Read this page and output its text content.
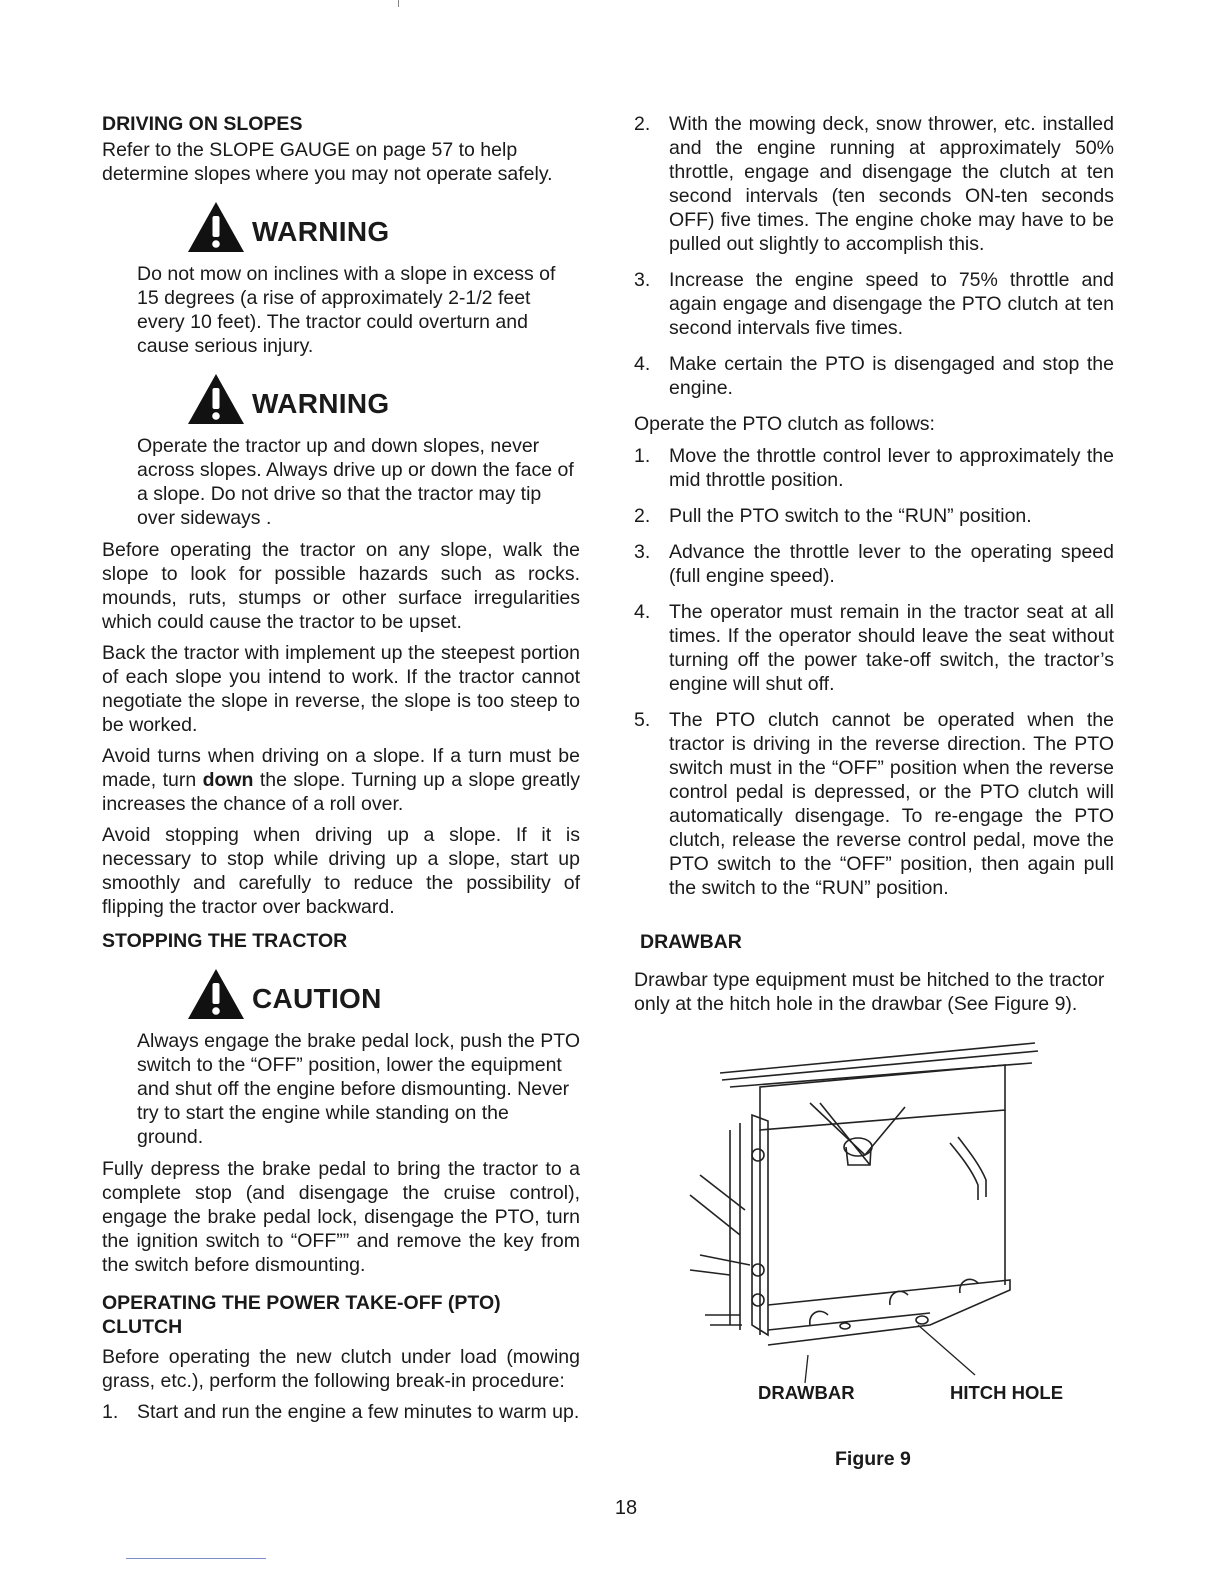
DRIVING ON SLOPES

Refer to the SLOPE GAUGE on page 57 to help determine slopes where you may not operate safely.

WARNING

Do not mow on inclines with a slope in excess of 15 degrees (a rise of approximately 2-1/2 feet every 10 feet). The tractor could overturn and cause serious injury.

WARNING

Operate the tractor up and down slopes, never across slopes. Always drive up or down the face of a slope. Do not drive so that the tractor may tip over sideways .

Before operating the tractor on any slope, walk the slope to look for possible hazards such as rocks. mounds, ruts, stumps or other surface irregularities which could cause the tractor to be upset.

Back the tractor with implement up the steepest portion of each slope you intend to work. If the tractor cannot negotiate the slope in reverse, the slope is too steep to be worked.

Avoid turns when driving on a slope. If a turn must be made, turn down the slope. Turning up a slope greatly increases the chance of a roll over.

Avoid stopping when driving up a slope. If it is necessary to stop while driving up a slope, start up smoothly and carefully to reduce the possibility of flipping the tractor over backward.

STOPPING THE TRACTOR
CAUTION

Always engage the brake pedal lock, push the PTO switch to the “OFF” position, lower the equipment and shut off the engine before dismounting. Never try to start the engine while standing on the ground.

Fully depress the brake pedal to bring the tractor to a complete stop (and disengage the cruise control), engage the brake pedal lock, disengage the PTO, turn the ignition switch to “OFF”” and remove the key from the switch before dismounting.

OPERATING THE POWER TAKE-OFF (PTO) CLUTCH

Before operating the new clutch under load (mowing grass, etc.), perform the following break-in procedure:

1. Start and run the engine a few minutes to warm up.
2. With the mowing deck, snow thrower, etc. installed and the engine running at approximately 50% throttle, engage and disengage the clutch at ten second intervals (ten seconds ON-ten seconds OFF) five times. The engine choke may have to be pulled out slightly to accomplish this.
3. Increase the engine speed to 75% throttle and again engage and disengage the PTO clutch at ten second intervals five times.
4. Make certain the PTO is disengaged and stop the engine.

Operate the PTO clutch as follows:

1. Move the throttle control lever to approximately the mid throttle position.
2. Pull the PTO switch to the “RUN” position.
3. Advance the throttle lever to the operating speed (full engine speed).
4. The operator must remain in the tractor seat at all times. If the operator should leave the seat without turning off the power take-off switch, the tractor’s engine will shut off.
5. The PTO clutch cannot be operated when the tractor is driving in the reverse direction. The PTO switch must in the “OFF” position when the reverse control pedal is depressed, or the PTO clutch will automatically disengage. To re-engage the PTO clutch, release the reverse control pedal, move the PTO switch to the “OFF” position, then again pull the switch to the “RUN” position.
DRAWBAR

Drawbar type equipment must be hitched to the tractor only at the hitch hole in the drawbar (See Figure 9).

DRAWBAR	HITCH HOLE
Figure 9
18
